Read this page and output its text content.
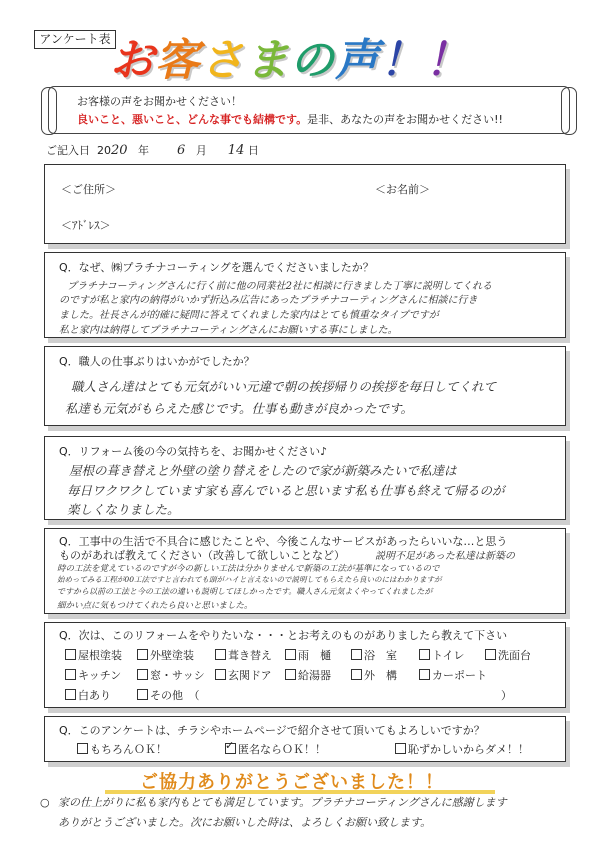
アンケート表 お客さまの声！！
お客様の声をお聞かせください！
良いこと、悪いこと、どんな事でも結構です。是非、あなたの声をお聞かせください!!
ご記入日 2020 年 6 月 14 日
＜ご住所＞	＜お名前＞
＜ｱﾄﾞﾚｽ＞
Q．なぜ、㈱プラチナコーティングを選んでくださいましたか？
プラチナコーティングさんに行く前に他の同業社2社に相談に行きました丁寧に説明してくれる
のですが私と家内の納得がいかず折込み広告にあったプラチナコーティングさんに相談に行き
ました。社長さんが的確に疑問に答えてくれました家内はとても慎重なタイプですが
私と家内は納得してプラチナコーティングさんにお願いする事にしました。
Q．職人の仕事ぶりはいかがでしたか？
職人さん達はとても元気がいい元違で朝の挨拶帰りの挨拶を毎日してくれて
私達も元気がもらえた感じです。仕事も動きが良かったです。
Q．リフォーム後の今の気持ちを、お聞かせください♪
屋根の葺き替えと外壁の塗り替えをしたので家が新築みたいで私達は
毎日ワクワクしています家も喜んでいると思います私も仕事も終えて帰るのが
楽しくなりました。
Q．工事中の生活で不具合に感じたことや、今後こんなサービスがあったらいいな…と思う
ものがあれば教えてください（改善して欲しいことなど）	説明不足があった私達は新築の
時の工法を覚えているのですが今の新しい工法は分かりませんで新築の工法が基準になっているので
始めってみる工程が00工法ですと言われても頭がハイと言えないので説明してもらえたら良いのにはわかりますが
ですから以前の工法と今の工法の違いも説明してほしかったです。職人さん元気よくやってくれましたが
細かい点に気もつけてくれたら良いと思いました。
Q．次は、このリフォームをやりたいな・・・とお考えのものがありましたら教えて下さい
屋根塗装	外壁塗装	葺き替え	雨　樋	浴　室	トイレ	洗面台
キッチン	窓・サッシ	玄関ドア	給湯器	外　構	カーポート
白あり	その他　（	）
Q．このアンケートは、チラシやホームページで紹介させて頂いてもよろしいですか？
もちろんＯＫ！
✓	匿名ならＯＫ！！	恥ずかしいからダメ！！
ご協力ありがとうございました！！
○ 家の仕上がりに私も家内もとても満足しています。プラチナコーティングさんに感謝します
ありがとうございました。次にお願いした時は、よろしくお願い致します。
